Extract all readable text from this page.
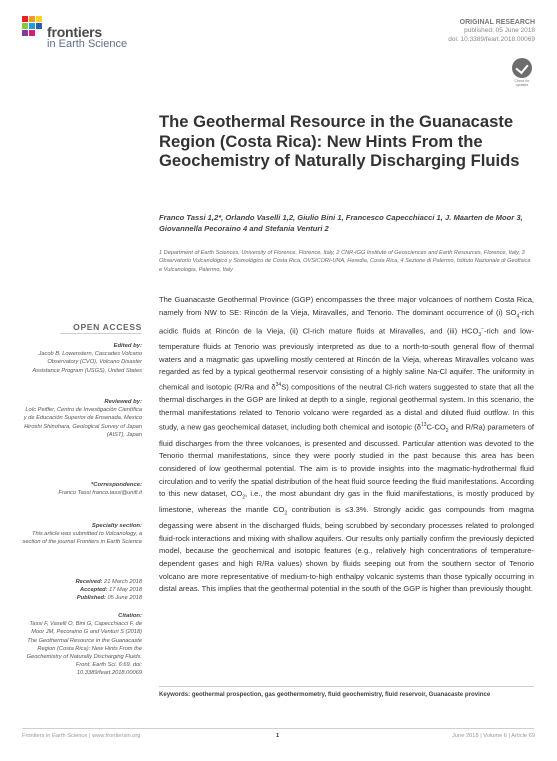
frontiers
in Earth Science
ORIGINAL RESEARCH
published: 05 June 2018
doi: 10.3389/feart.2018.00069
Check for updates
The Geothermal Resource in the Guanacaste Region (Costa Rica): New Hints From the Geochemistry of Naturally Discharging Fluids
Franco Tassi 1,2*, Orlando Vaselli 1,2, Giulio Bini 1, Francesco Capecchiacci 1, J. Maarten de Moor 3, Giovannella Pecoraino 4 and Stefania Venturi 2
1 Department of Earth Sciences, University of Florence, Florence, Italy, 2 CNR-IGG Institute of Geosciences and Earth Resources, Florence, Italy, 3 Observatorio Vulcanológico y Sismológico de Costa Rica, OVSICORI-UNA, Heredia, Costa Rica, 4 Sezione di Palermo, Istituto Nazionale di Geofisica e Vulcanologia, Palermo, Italy

The Guanacaste Geothermal Province (GGP) encompasses the three major volcanoes of northern Costa Rica, namely from NW to SE: Rincón de la Vieja, Miravalles, and Tenorio. The dominant occurrence of (i) $SO_4$-rich acidic fluids at Rincón de la Vieja, (ii) Cl-rich mature fluids at Miravalles, and (iii) $HCO_3^-$-rich and low-temperature fluids at Tenorio was previously interpreted as due to a north-to-south general flow of thermal waters and a magmatic gas upwelling mostly centered at Rincón de la Vieja, whereas Miravalles volcano was regarded as fed by a typical geothermal reservoir consisting of a highly saline Na-Cl aquifer. The uniformity in chemical and isotopic (R/Ra and $\delta^{34}S$) compositions of the neutral Cl-rich waters suggested to state that all the thermal discharges in the GGP are linked at depth to a single, regional geothermal system. In this scenario, the thermal manifestations related to Tenorio volcano were regarded as a distal and diluted fluid outflow. In this study, a new gas geochemical dataset, including both chemical and isotopic ($\delta^{13}C-CO_2$ and R/Ra) parameters of fluid discharges from the three volcanoes, is presented and discussed. Particular attention was devoted to the Tenorio thermal manifestations, since they were poorly studied in the past because this area has been considered of low geothermal potential. The aim is to provide insights into the magmatic-hydrothermal fluid circulation and to verify the spatial distribution of the heat fluid source feeding the fluid manifestations. According to this new dataset, $CO_2$, i.e., the most abundant dry gas in the fluid manifestations, is mostly produced by limestone, whereas the mantle $CO_2$ contribution is ≤3.3%. Strongly acidic gas compounds from magma degassing were absent in the discharged fluids, being scrubbed by secondary processes related to prolonged fluid-rock interactions and mixing with shallow aquifers. Our results only partially confirm the previously depicted model, because the geochemical and isotopic features (e.g., relatively high concentrations of temperature-dependent gases and high R/Ra values) shown by fluids seeping out from the southern sector of Tenorio volcano are more representative of medium-to-high enthalpy volcanic systems than those typically occurring in distal areas. This implies that the geothermal potential in the south of the GGP is higher than previously thought.

Keywords: geothermal prospection, gas geothermometry, fluid geochemistry, fluid reservoir, Guanacaste province
OPEN ACCESS
Edited by:
Jacob B. Lowenstern, Cascades Volcano Observatory (CVO), Volcano Disaster Assistance Program (USGS), United States
Reviewed by:
Loïc Peiffer, Centro de Investigación Científica y de Educación Superior de Ensenada, Mexico
Hiroshi Shinohara, Geological Survey of Japan (AIST), Japan
*Correspondence:
Franco Tassi franco.tassi@unifi.it
Specialty section:
This article was submitted to Volcanology, a section of the journal Frontiers in Earth Science
Received: 21 March 2018
Accepted: 17 May 2018
Published: 05 June 2018
Citation:
Tassi F, Vaselli O, Bini G, Capecchiacci F, de Moor JM, Pecoraino G and Venturi S (2018) The Geothermal Resource in the Guanacaste Region (Costa Rica): New Hints From the Geochemistry of Naturally Discharging Fluids. Front. Earth Sci. 6:69. doi: 10.3389/feart.2018.00069
Frontiers in Earth Science | www.frontiersin.org	1	June 2018 | Volume 6 | Article 69
